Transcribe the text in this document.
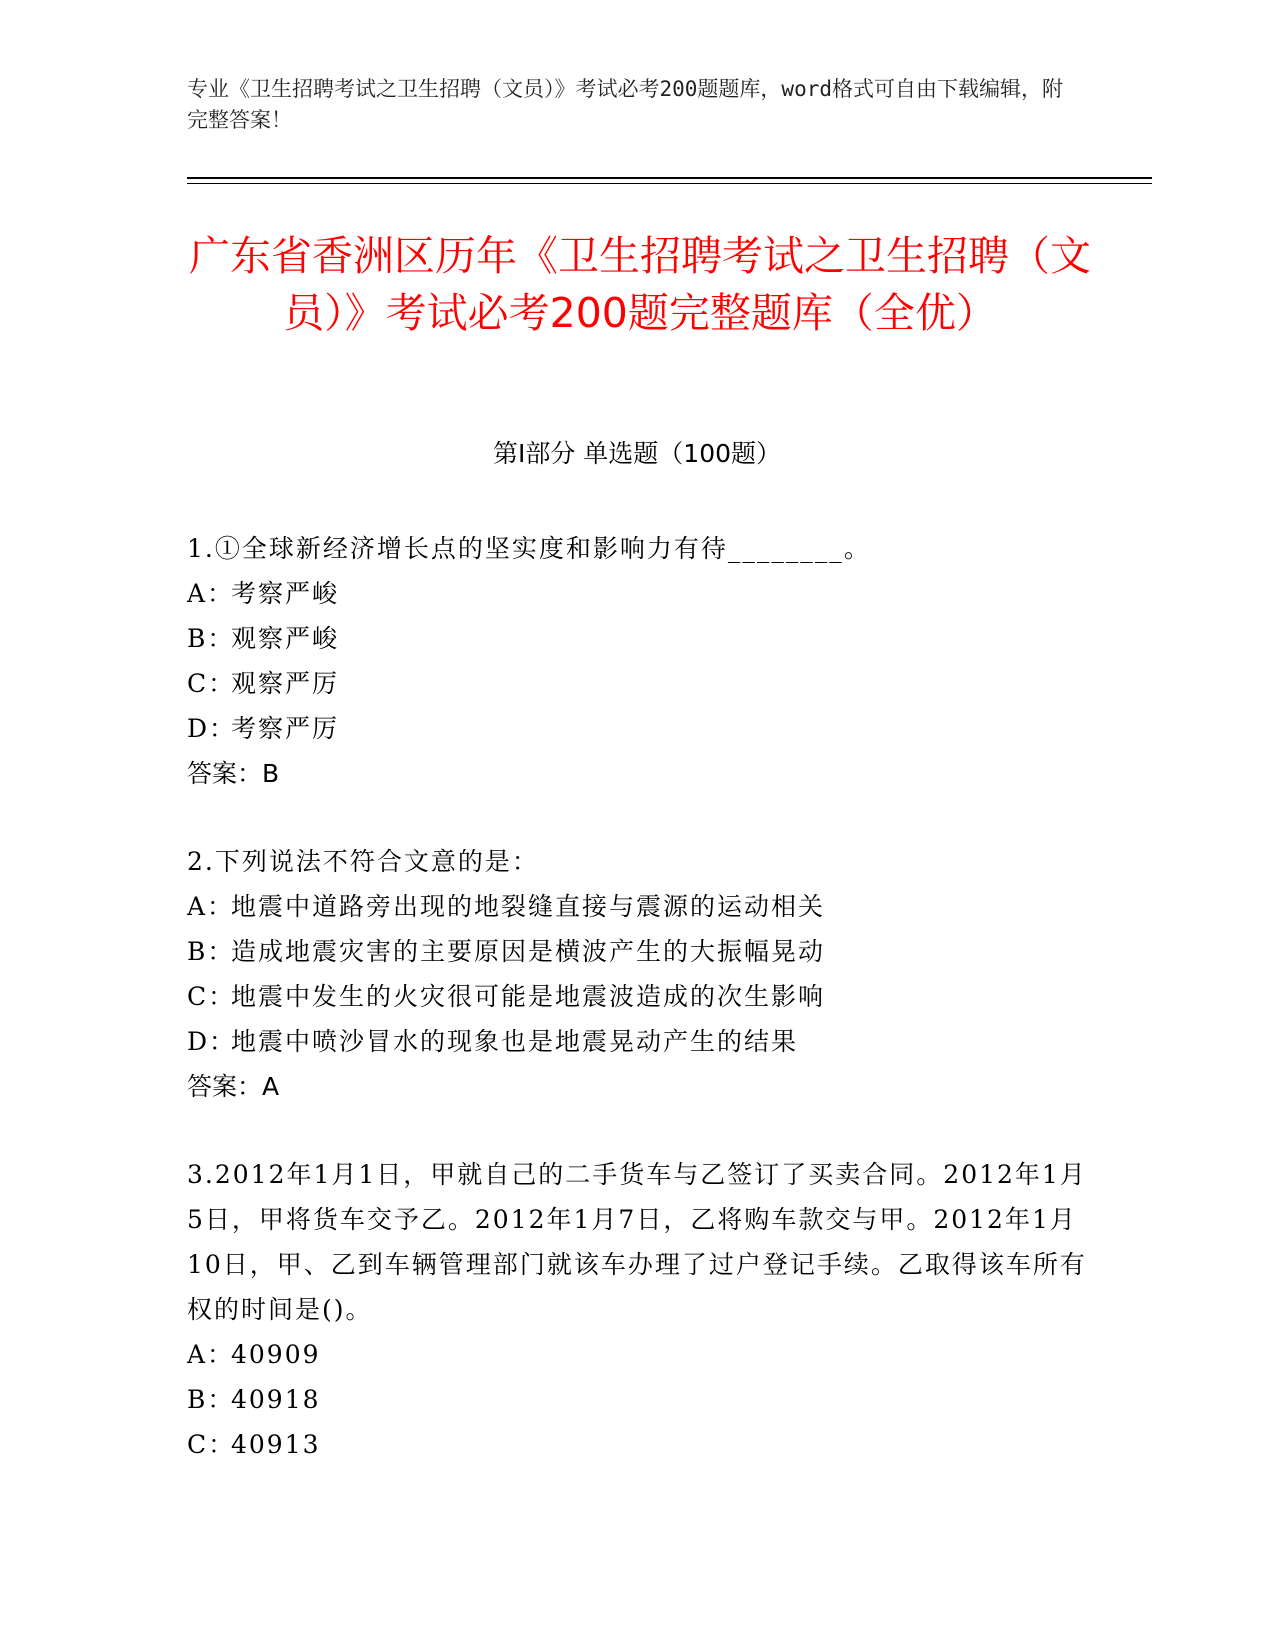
专业《卫生招聘考试之卫生招聘（文员）》考试必考200题题库，word格式可自由下载编辑，附完整答案！
广东省香洲区历年《卫生招聘考试之卫生招聘（文员）》考试必考200题完整题库（全优）
第I部分 单选题（100题）

1.①全球新经济增长点的坚实度和影响力有待________。

A：考察严峻

B：观察严峻

C：观察严厉

D：考察严厉

答案：B

2.下列说法不符合文意的是：

A：地震中道路旁出现的地裂缝直接与震源的运动相关

B：造成地震灾害的主要原因是横波产生的大振幅晃动

C：地震中发生的火灾很可能是地震波造成的次生影响

D：地震中喷沙冒水的现象也是地震晃动产生的结果

答案：A

3.2012年1月1日，甲就自己的二手货车与乙签订了买卖合同。2012年1月5日，甲将货车交予乙。2012年1月7日，乙将购车款交与甲。2012年1月10日，甲、乙到车辆管理部门就该车办理了过户登记手续。乙取得该车所有权的时间是()。

A：40909

B：40918

C：40913
